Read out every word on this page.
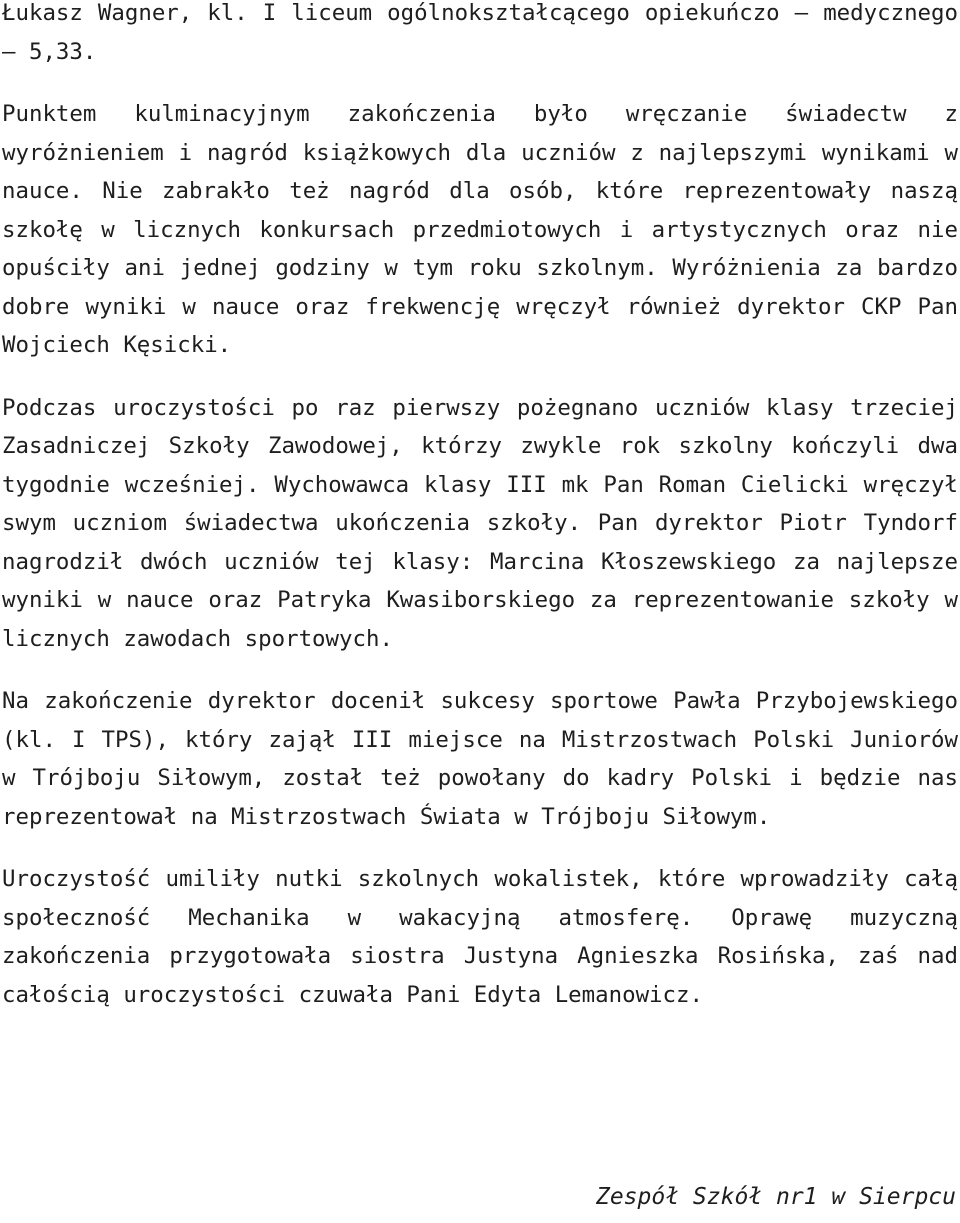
Łukasz Wagner, kl. I liceum ogólnokształcącego opiekuńczo – medycznego – 5,33.

Punktem kulminacyjnym zakończenia było wręczanie świadectw z wyróżnieniem i nagród książkowych dla uczniów z najlepszymi wynikami w nauce. Nie zabrakło też nagród dla osób, które reprezentowały naszą szkołę w licznych konkursach przedmiotowych i artystycznych oraz nie opuściły ani jednej godziny w tym roku szkolnym. Wyróżnienia za bardzo dobre wyniki w nauce oraz frekwencję wręczył również dyrektor CKP Pan Wojciech Kęsicki.

Podczas uroczystości po raz pierwszy pożegnano uczniów klasy trzeciej Zasadniczej Szkoły Zawodowej, którzy zwykle rok szkolny kończyli dwa tygodnie wcześniej. Wychowawca klasy III mk Pan Roman Cielicki wręczył swym uczniom świadectwa ukończenia szkoły. Pan dyrektor Piotr Tyndorf nagrodził dwóch uczniów tej klasy: Marcina Kłoszewskiego za najlepsze wyniki w nauce oraz Patryka Kwasiborskiego za reprezentowanie szkoły w licznych zawodach sportowych.

Na zakończenie dyrektor docenił sukcesy sportowe Pawła Przybojewskiego (kl. I TPS), który zajął III miejsce na Mistrzostwach Polski Juniorów w Trójboju Siłowym, został też powołany do kadry Polski i będzie nas reprezentował na Mistrzostwach Świata w Trójboju Siłowym.

Uroczystość umiliły nutki szkolnych wokalistek, które wprowadziły całą społeczność Mechanika w wakacyjną atmosferę. Oprawę muzyczną zakończenia przygotowała siostra Justyna Agnieszka Rosińska, zaś nad całością uroczystości czuwała Pani Edyta Lemanowicz.

Zespół Szkół nr1 w Sierpcu
